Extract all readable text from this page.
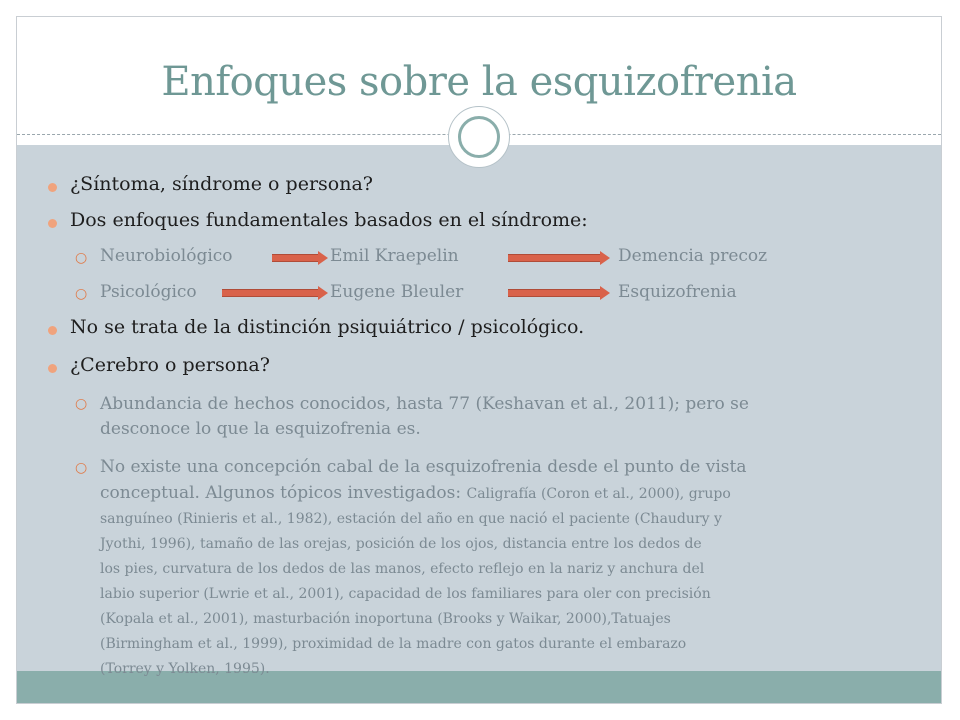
Enfoques sobre la esquizofrenia
¿Síntoma, síndrome o persona?
Dos enfoques fundamentales basados en el síndrome:
○ Neurobiológico	Emil Kraepelin	Demencia precoz
○ Psicológico	Eugene Bleuler	Esquizofrenia
No se trata de la distinción psiquiátrico / psicológico.
¿Cerebro o persona?
○ Abundancia de hechos conocidos, hasta 77 (Keshavan et al., 2011); pero se
desconoce lo que la esquizofrenia es.
○ No existe una concepción cabal de la esquizofrenia desde el punto de vista
conceptual. Algunos tópicos investigados: Caligrafía (Coron et al., 2000), grupo
sanguíneo (Rinieris et al., 1982), estación del año en que nació el paciente (Chaudury y
Jyothi, 1996), tamaño de las orejas, posición de los ojos, distancia entre los dedos de
los pies, curvatura de los dedos de las manos, efecto reflejo en la nariz y anchura del
labio superior (Lwrie et al., 2001), capacidad de los familiares para oler con precisión
(Kopala et al., 2001), masturbación inoportuna (Brooks y Waikar, 2000),Tatuajes
(Birmingham et al., 1999), proximidad de la madre con gatos durante el embarazo
(Torrey y Yolken, 1995).
